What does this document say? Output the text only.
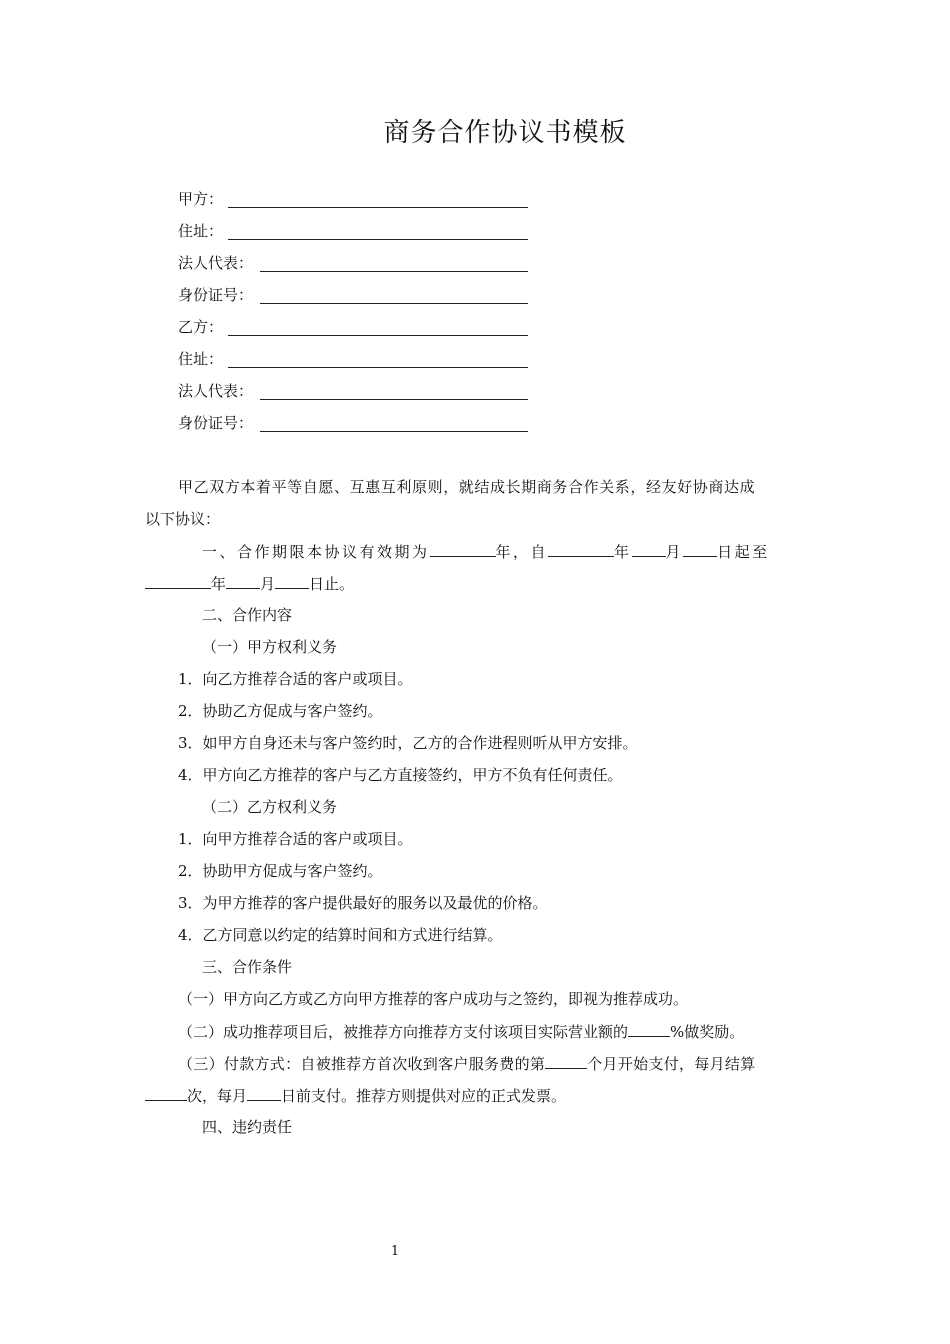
商务合作协议书模板
甲方：
住址：
法人代表：
身份证号：
乙方：
住址：
法人代表：
身份证号：
甲乙双方本着平等自愿、互惠互利原则，就结成长期商务合作关系，经友好协商达成
以下协议：
一、合作期限本协议有效期为	年，自	年 月 日起至
年 月 日止。
二、合作内容
（一）甲方权利义务
1．向乙方推荐合适的客户或项目。
2．协助乙方促成与客户签约。
3．如甲方自身还未与客户签约时，乙方的合作进程则听从甲方安排。
4．甲方向乙方推荐的客户与乙方直接签约，甲方不负有任何责任。
（二）乙方权利义务
1．向甲方推荐合适的客户或项目。
2．协助甲方促成与客户签约。
3．为甲方推荐的客户提供最好的服务以及最优的价格。
4．乙方同意以约定的结算时间和方式进行结算。
三、合作条件
（一）甲方向乙方或乙方向甲方推荐的客户成功与之签约，即视为推荐成功。
（二）成功推荐项目后，被推荐方向推荐方支付该项目实际营业额的	%做奖励。
（三）付款方式：自被推荐方首次收到客户服务费的第	个月开始支付，每月结算
次，每月 日前支付。推荐方则提供对应的正式发票。
四、违约责任
1
